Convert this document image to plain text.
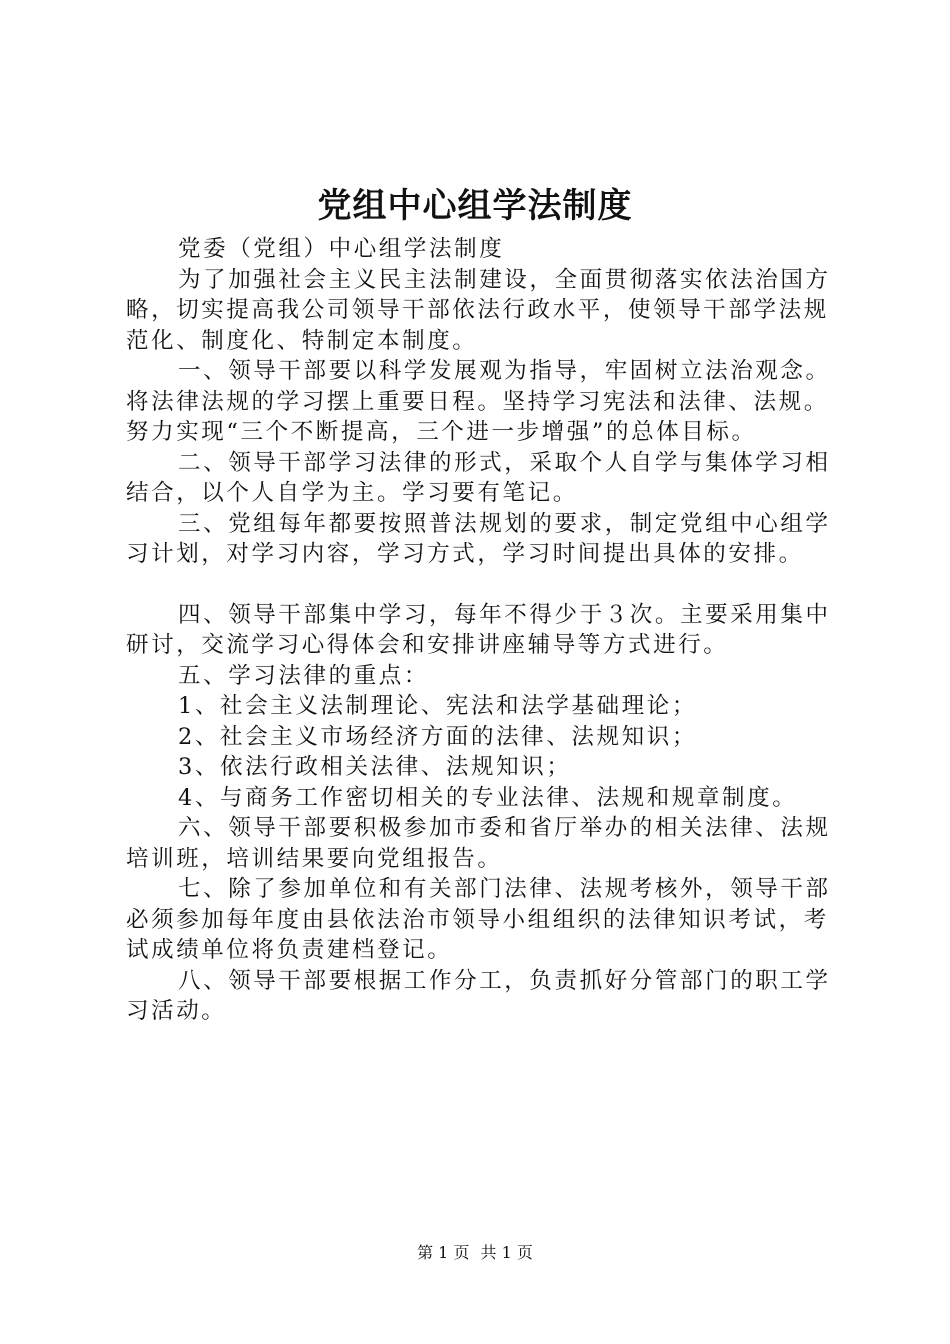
党组中心组学法制度

党委（党组）中心组学法制度

为了加强社会主义民主法制建设，全面贯彻落实依法治国方略，切实提高我公司领导干部依法行政水平，使领导干部学法规范化、制度化、特制定本制度。

一、领导干部要以科学发展观为指导，牢固树立法治观念。将法律法规的学习摆上重要日程。坚持学习宪法和法律、法规。努力实现“三个不断提高，三个进一步增强”的总体目标。

二、领导干部学习法律的形式，采取个人自学与集体学习相结合，以个人自学为主。学习要有笔记。

三、党组每年都要按照普法规划的要求，制定党组中心组学习计划，对学习内容，学习方式，学习时间提出具体的安排。

四、领导干部集中学习，每年不得少于３次。主要采用集中研讨，交流学习心得体会和安排讲座辅导等方式进行。

五、学习法律的重点：

1、社会主义法制理论、宪法和法学基础理论；

2、社会主义市场经济方面的法律、法规知识；

3、依法行政相关法律、法规知识；

4、与商务工作密切相关的专业法律、法规和规章制度。

六、领导干部要积极参加市委和省厅举办的相关法律、法规培训班，培训结果要向党组报告。

七、除了参加单位和有关部门法律、法规考核外，领导干部必须参加每年度由县依法治市领导小组组织的法律知识考试，考试成绩单位将负责建档登记。

八、领导干部要根据工作分工，负责抓好分管部门的职工学习活动。

第 1 页 共 1 页
